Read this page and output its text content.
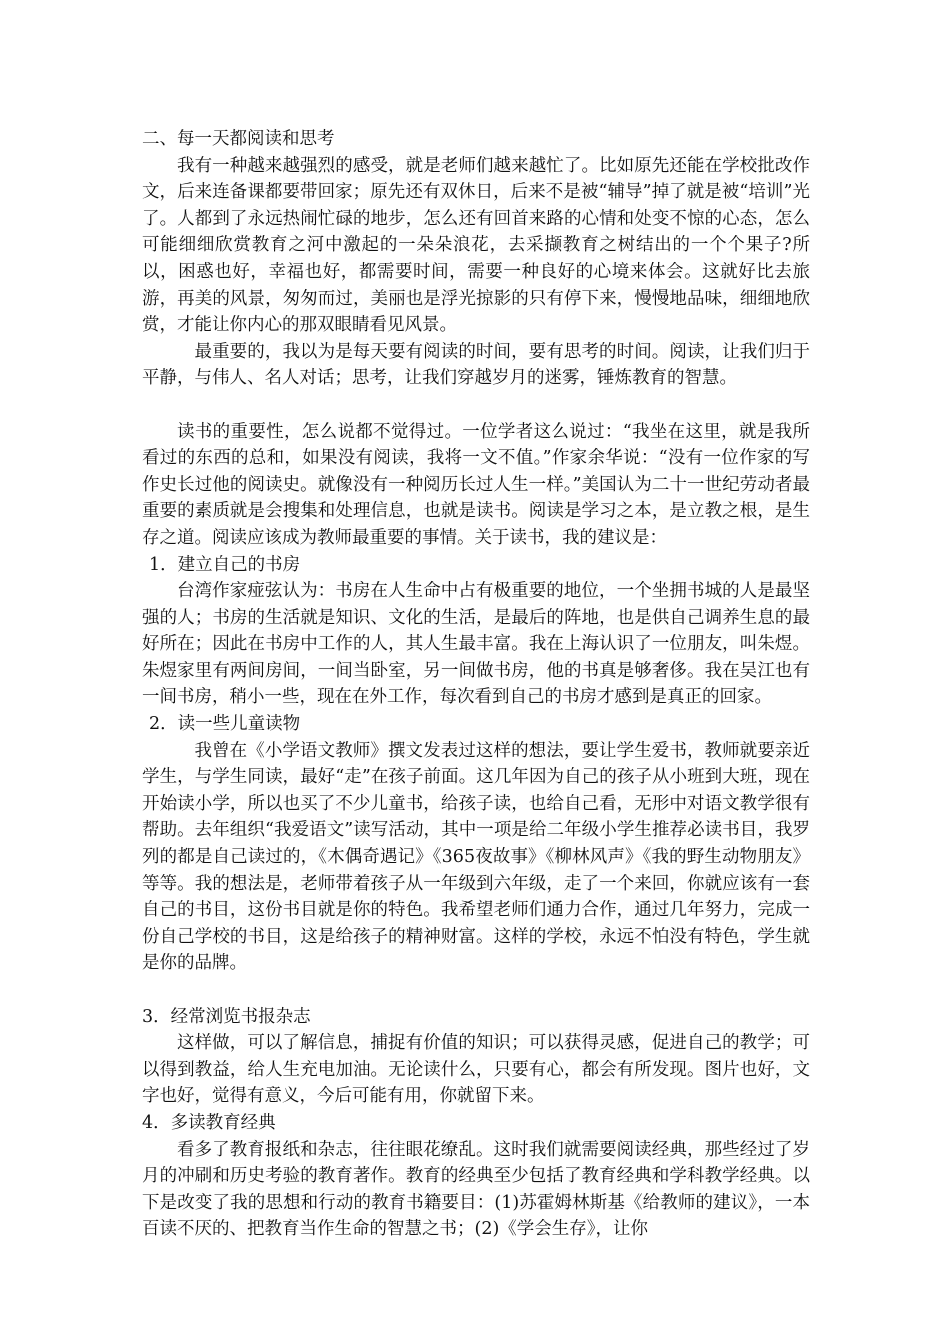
二、每一天都阅读和思考

我有一种越来越强烈的感受，就是老师们越来越忙了。比如原先还能在学校批改作文，后来连备课都要带回家；原先还有双休日，后来不是被“辅导”掉了就是被“培训”光了。人都到了永远热闹忙碌的地步，怎么还有回首来路的心情和处变不惊的心态，怎么可能细细欣赏教育之河中激起的一朵朵浪花，去采撷教育之树结出的一个个果子?所以，困惑也好，幸福也好，都需要时间，需要一种良好的心境来体会。这就好比去旅游，再美的风景，匆匆而过，美丽也是浮光掠影的只有停下来，慢慢地品味，细细地欣赏，才能让你内心的那双眼睛看见风景。

最重要的，我以为是每天要有阅读的时间，要有思考的时间。阅读，让我们归于平静，与伟人、名人对话；思考，让我们穿越岁月的迷雾，锤炼教育的智慧。

读书的重要性，怎么说都不觉得过。一位学者这么说过：“我坐在这里，就是我所看过的东西的总和，如果没有阅读，我将一文不值。”作家余华说：“没有一位作家的写作史长过他的阅读史。就像没有一种阅历长过人生一样。”美国认为二十一世纪劳动者最重要的素质就是会搜集和处理信息，也就是读书。阅读是学习之本，是立教之根，是生存之道。阅读应该成为教师最重要的事情。关于读书，我的建议是：

1．建立自己的书房

台湾作家痖弦认为：书房在人生命中占有极重要的地位，一个坐拥书城的人是最坚强的人；书房的生活就是知识、文化的生活，是最后的阵地，也是供自己调养生息的最好所在；因此在书房中工作的人，其人生最丰富。我在上海认识了一位朋友，叫朱煜。朱煜家里有两间房间，一间当卧室，另一间做书房，他的书真是够奢侈。我在吴江也有一间书房，稍小一些，现在在外工作，每次看到自己的书房才感到是真正的回家。

2．读一些儿童读物

我曾在《小学语文教师》撰文发表过这样的想法，要让学生爱书，教师就要亲近学生，与学生同读，最好“走”在孩子前面。这几年因为自己的孩子从小班到大班，现在开始读小学，所以也买了不少儿童书，给孩子读，也给自己看，无形中对语文教学很有帮助。去年组织“我爱语文”读写活动，其中一项是给二年级小学生推荐必读书目，我罗列的都是自己读过的，《木偶奇遇记》《365夜故事》《柳林风声》《我的野生动物朋友》等等。我的想法是，老师带着孩子从一年级到六年级，走了一个来回，你就应该有一套自己的书目，这份书目就是你的特色。我希望老师们通力合作，通过几年努力，完成一份自己学校的书目，这是给孩子的精神财富。这样的学校，永远不怕没有特色，学生就是你的品牌。

3．经常浏览书报杂志

这样做，可以了解信息，捕捉有价值的知识；可以获得灵感，促进自己的教学；可以得到教益，给人生充电加油。无论读什么，只要有心，都会有所发现。图片也好，文字也好，觉得有意义，今后可能有用，你就留下来。

4．多读教育经典

看多了教育报纸和杂志，往往眼花缭乱。这时我们就需要阅读经典，那些经过了岁月的冲刷和历史考验的教育著作。教育的经典至少包括了教育经典和学科教学经典。以下是改变了我的思想和行动的教育书籍要目：(1)苏霍姆林斯基《给教师的建议》，一本百读不厌的、把教育当作生命的智慧之书；(2)《学会生存》，让你
